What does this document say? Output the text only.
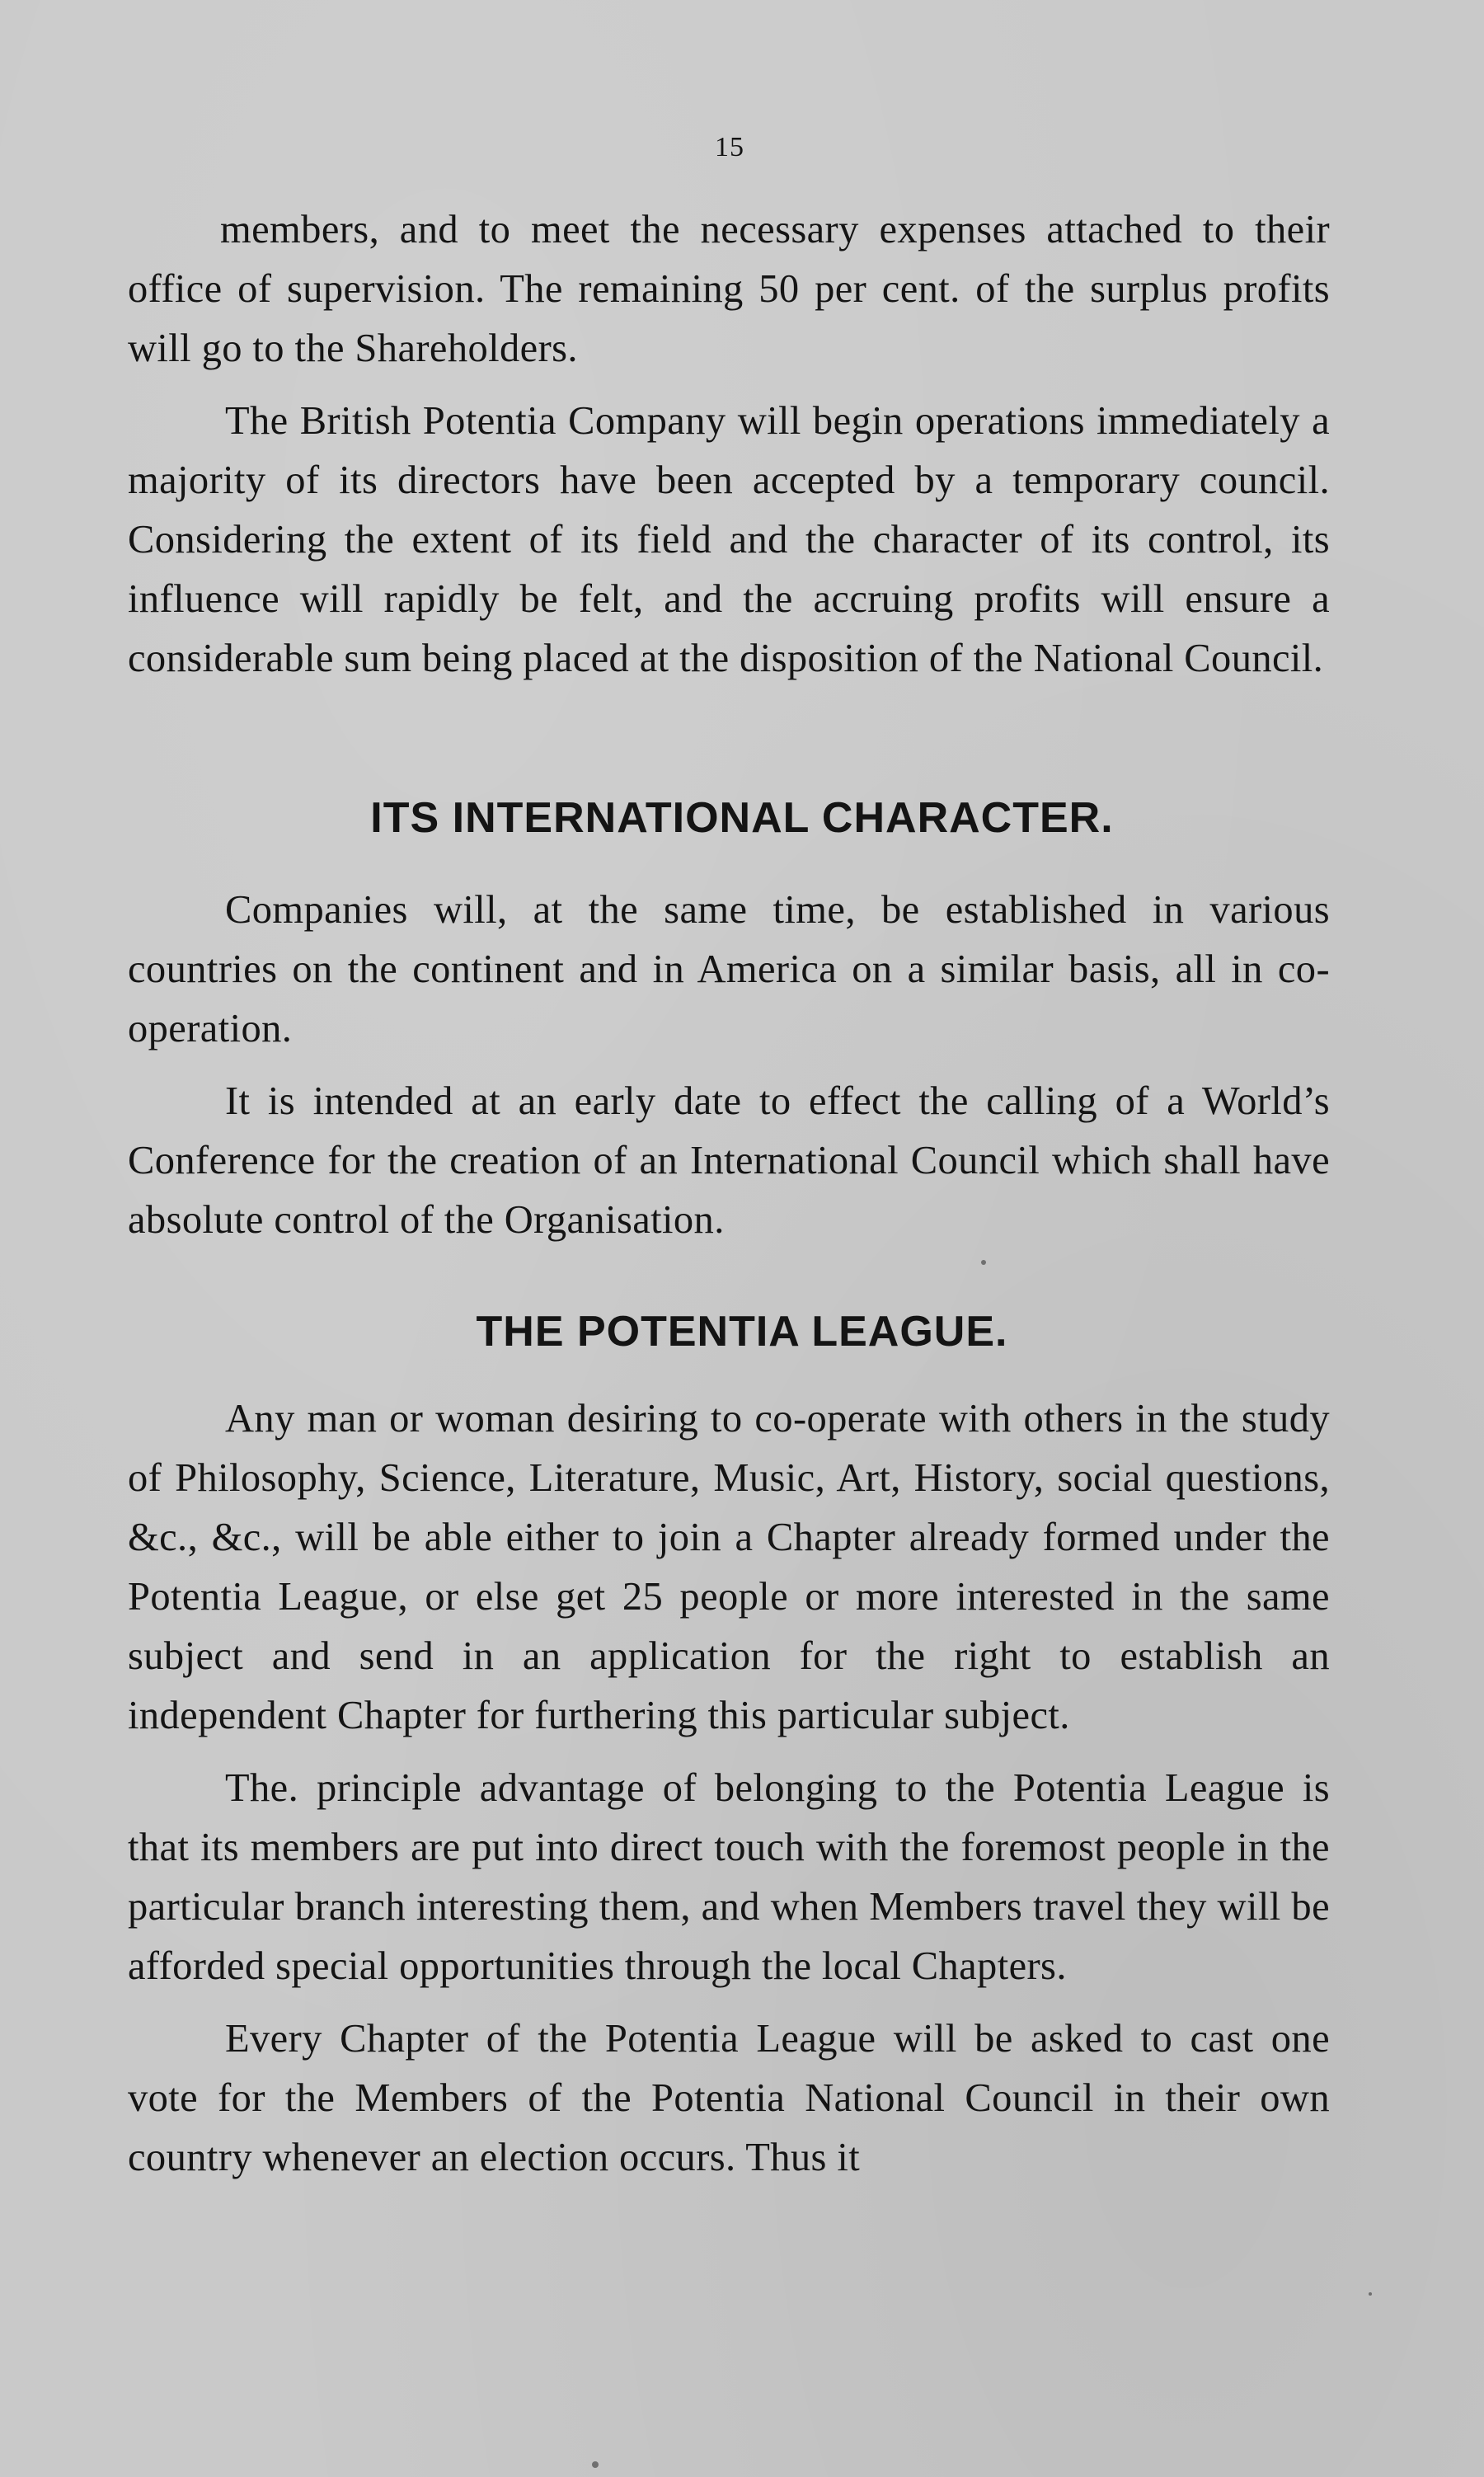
15

members, and to meet the necessary expenses attached to their office of supervision. The remaining 50 per cent. of the surplus profits will go to the Shareholders.

The British Potentia Company will begin operations immediately a majority of its directors have been accepted by a temporary council. Considering the extent of its field and the character of its control, its influence will rapidly be felt, and the accruing profits will ensure a considerable sum being placed at the disposition of the National Council.

ITS INTERNATIONAL CHARACTER.

Companies will, at the same time, be established in various countries on the continent and in America on a similar basis, all in co-operation.

It is intended at an early date to effect the calling of a World’s Conference for the creation of an International Council which shall have absolute control of the Organisation.

THE POTENTIA LEAGUE.

Any man or woman desiring to co-operate with others in the study of Philosophy, Science, Literature, Music, Art, History, social questions, &c., &c., will be able either to join a Chapter already formed under the Potentia League, or else get 25 people or more interested in the same subject and send in an application for the right to establish an independent Chapter for furthering this particular subject.

The. principle advantage of belonging to the Potentia League is that its members are put into direct touch with the foremost people in the particular branch interesting them, and when Members travel they will be afforded special opportunities through the local Chapters.

Every Chapter of the Potentia League will be asked to cast one vote for the Members of the Potentia National Council in their own country whenever an election occurs. Thus it
